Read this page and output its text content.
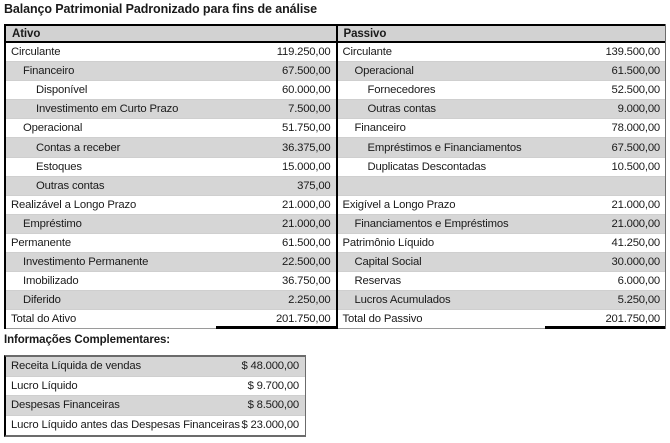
Balanço Patrimonial Padronizado para fins de análise
Ativo
Circulante	119.250,00
Financeiro	67.500,00
Disponível	60.000,00
Investimento em Curto Prazo	7.500,00
Operacional	51.750,00
Contas a receber	36.375,00
Estoques	15.000,00
Outras contas	375,00
Realizável a Longo Prazo	21.000,00
Empréstimo	21.000,00
Permanente	61.500,00
Investimento Permanente	22.500,00
Imobilizado	36.750,00
Diferido	2.250,00
Total do Ativo	201.750,00
Passivo
Circulante	139.500,00
Operacional	61.500,00
Fornecedores	52.500,00
Outras contas	9.000,00
Financeiro	78.000,00
Empréstimos e Financiamentos	67.500,00
Duplicatas Descontadas	10.500,00
Exigível a Longo Prazo	21.000,00
Financiamentos e Empréstimos	21.000,00
Patrimônio Líquido	41.250,00
Capital Social	30.000,00
Reservas	6.000,00
Lucros Acumulados	5.250,00
Total do Passivo	201.750,00
Informações Complementares:
Receita Líquida de vendas	$ 48.000,00
Lucro Líquido	$ 9.700,00
Despesas Financeiras	$ 8.500,00
Lucro Líquido antes das Despesas Financeiras $ 23.000,00
